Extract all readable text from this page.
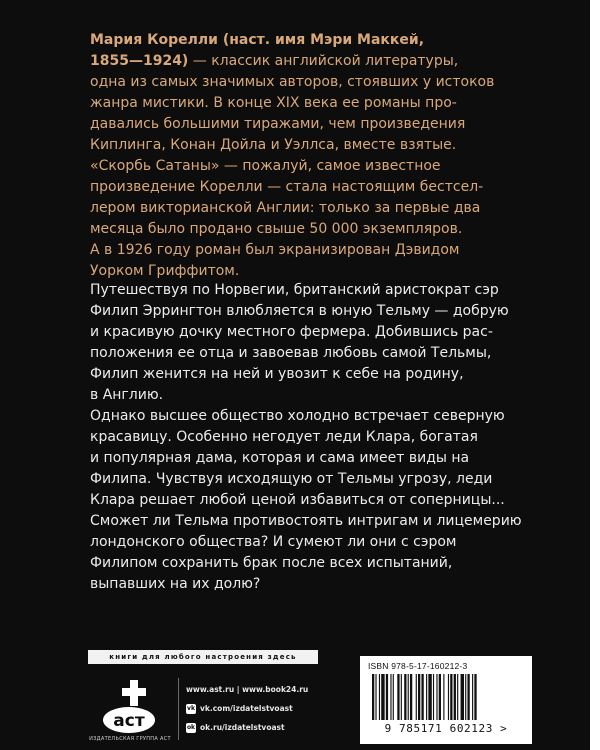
Мария Корелли (наст. имя Мэри Маккей,
1855—1924) — классик английской литературы,
одна из самых значимых авторов, стоявших у истоков
жанра мистики. В конце XIX века ее романы про-
давались большими тиражами, чем произведения
Киплинга, Конан Дойла и Уэллса, вместе взятые.
«Скорбь Сатаны» — пожалуй, самое известное
произведение Корелли — стала настоящим бестсел-
лером викторианской Англии: только за первые два
месяца было продано свыше 50 000 экземпляров.
А в 1926 году роман был экранизирован Дэвидом
Уорком Гриффитом.
Путешествуя по Норвегии, британский аристократ сэр
Филип Эррингтон влюбляется в юную Тельму — добрую
и красивую дочку местного фермера. Добившись рас-
положения ее отца и завоевав любовь самой Тельмы,
Филип женится на ней и увозит к себе на родину,
в Англию.
Однако высшее общество холодно встречает северную
красавицу. Особенно негодует леди Клара, богатая
и популярная дама, которая и сама имеет виды на
Филипа. Чувствуя исходящую от Тельмы угрозу, леди
Клара решает любой ценой избавиться от соперницы...
Сможет ли Тельма противостоять интригам и лицемерию
лондонского общества? И сумеют ли они с сэром
Филипом сохранить брак после всех испытаний,
выпавших на их долю?
книги для любого настроения здесь
аст
ИЗДАТЕЛЬСКАЯ ГРУППА АСТ
www.ast.ru | www.book24.ru
vk vk.com/izdatelstvoast
ok ok.ru/izdatelstvoast
ISBN 978-5-17-160212-3
9 785171 602123 >
